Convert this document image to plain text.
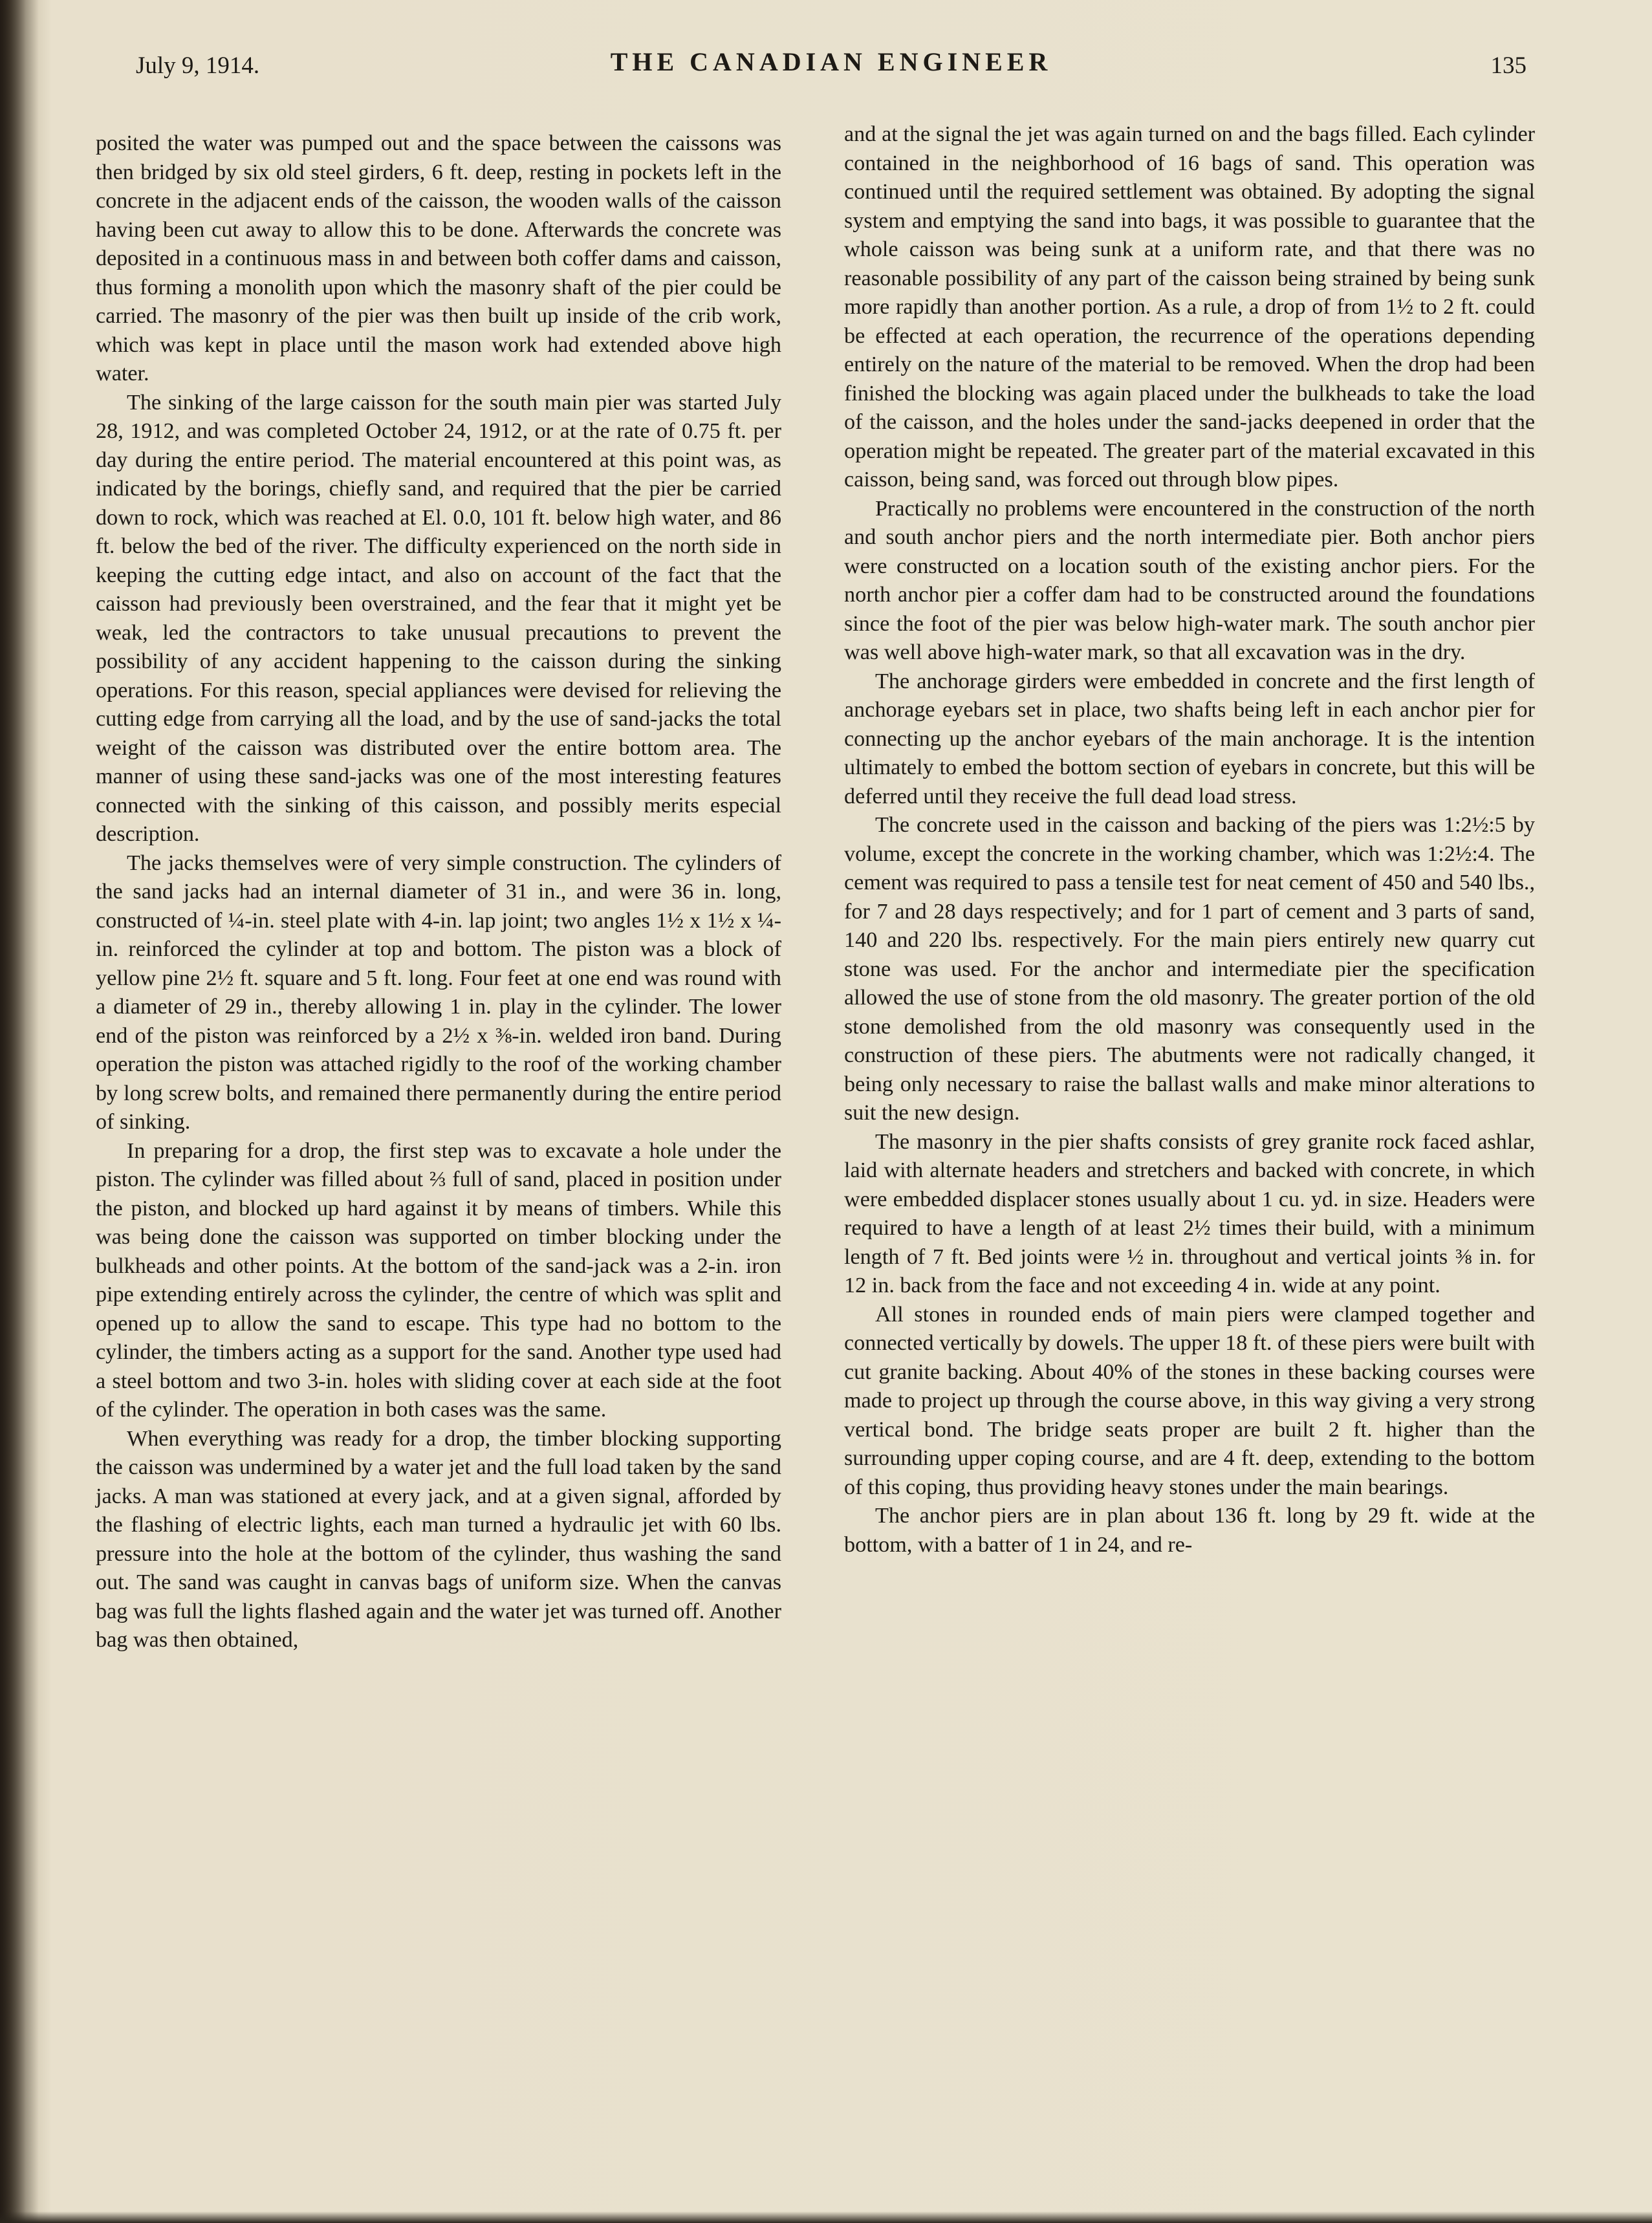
July 9, 1914.	THE CANADIAN ENGINEER	135

posited the water was pumped out and the space between the caissons was then bridged by six old steel girders, 6 ft. deep, resting in pockets left in the concrete in the adjacent ends of the caisson, the wooden walls of the caisson having been cut away to allow this to be done. Afterwards the concrete was deposited in a continuous mass in and between both coffer dams and caisson, thus forming a monolith upon which the masonry shaft of the pier could be carried. The masonry of the pier was then built up inside of the crib work, which was kept in place until the mason work had extended above high water.

The sinking of the large caisson for the south main pier was started July 28, 1912, and was completed October 24, 1912, or at the rate of 0.75 ft. per day during the entire period. The material encountered at this point was, as indicated by the borings, chiefly sand, and required that the pier be carried down to rock, which was reached at El. 0.0, 101 ft. below high water, and 86 ft. below the bed of the river. The difficulty experienced on the north side in keeping the cutting edge intact, and also on account of the fact that the caisson had previously been overstrained, and the fear that it might yet be weak, led the contractors to take unusual precautions to prevent the possibility of any accident happening to the caisson during the sinking operations. For this reason, special appliances were devised for relieving the cutting edge from carrying all the load, and by the use of sand-jacks the total weight of the caisson was distributed over the entire bottom area. The manner of using these sand-jacks was one of the most interesting features connected with the sinking of this caisson, and possibly merits especial description.

The jacks themselves were of very simple construction. The cylinders of the sand jacks had an internal diameter of 31 in., and were 36 in. long, constructed of ¼-in. steel plate with 4-in. lap joint; two angles 1½ x 1½ x ¼-in. reinforced the cylinder at top and bottom. The piston was a block of yellow pine 2½ ft. square and 5 ft. long. Four feet at one end was round with a diameter of 29 in., thereby allowing 1 in. play in the cylinder. The lower end of the piston was reinforced by a 2½ x ⅜-in. welded iron band. During operation the piston was attached rigidly to the roof of the working chamber by long screw bolts, and remained there permanently during the entire period of sinking.

In preparing for a drop, the first step was to excavate a hole under the piston. The cylinder was filled about ⅔ full of sand, placed in position under the piston, and blocked up hard against it by means of timbers. While this was being done the caisson was supported on timber blocking under the bulkheads and other points. At the bottom of the sand-jack was a 2-in. iron pipe extending entirely across the cylinder, the centre of which was split and opened up to allow the sand to escape. This type had no bottom to the cylinder, the timbers acting as a support for the sand. Another type used had a steel bottom and two 3-in. holes with sliding cover at each side at the foot of the cylinder. The operation in both cases was the same.

When everything was ready for a drop, the timber blocking supporting the caisson was undermined by a water jet and the full load taken by the sand jacks. A man was stationed at every jack, and at a given signal, afforded by the flashing of electric lights, each man turned a hydraulic jet with 60 lbs. pressure into the hole at the bottom of the cylinder, thus washing the sand out. The sand was caught in canvas bags of uniform size. When the canvas bag was full the lights flashed again and the water jet was turned off. Another bag was then obtained,

and at the signal the jet was again turned on and the bags filled. Each cylinder contained in the neighborhood of 16 bags of sand. This operation was continued until the required settlement was obtained. By adopting the signal system and emptying the sand into bags, it was possible to guarantee that the whole caisson was being sunk at a uniform rate, and that there was no reasonable possibility of any part of the caisson being strained by being sunk more rapidly than another portion. As a rule, a drop of from 1½ to 2 ft. could be effected at each operation, the recurrence of the operations depending entirely on the nature of the material to be removed. When the drop had been finished the blocking was again placed under the bulkheads to take the load of the caisson, and the holes under the sand-jacks deepened in order that the operation might be repeated. The greater part of the material excavated in this caisson, being sand, was forced out through blow pipes.

Practically no problems were encountered in the construction of the north and south anchor piers and the north intermediate pier. Both anchor piers were constructed on a location south of the existing anchor piers. For the north anchor pier a coffer dam had to be constructed around the foundations since the foot of the pier was below high-water mark. The south anchor pier was well above high-water mark, so that all excavation was in the dry.

The anchorage girders were embedded in concrete and the first length of anchorage eyebars set in place, two shafts being left in each anchor pier for connecting up the anchor eyebars of the main anchorage. It is the intention ultimately to embed the bottom section of eyebars in concrete, but this will be deferred until they receive the full dead load stress.

The concrete used in the caisson and backing of the piers was 1:2½:5 by volume, except the concrete in the working chamber, which was 1:2½:4. The cement was required to pass a tensile test for neat cement of 450 and 540 lbs., for 7 and 28 days respectively; and for 1 part of cement and 3 parts of sand, 140 and 220 lbs. respectively. For the main piers entirely new quarry cut stone was used. For the anchor and intermediate pier the specification allowed the use of stone from the old masonry. The greater portion of the old stone demolished from the old masonry was consequently used in the construction of these piers. The abutments were not radically changed, it being only necessary to raise the ballast walls and make minor alterations to suit the new design.

The masonry in the pier shafts consists of grey granite rock faced ashlar, laid with alternate headers and stretchers and backed with concrete, in which were embedded displacer stones usually about 1 cu. yd. in size. Headers were required to have a length of at least 2½ times their build, with a minimum length of 7 ft. Bed joints were ½ in. throughout and vertical joints ⅜ in. for 12 in. back from the face and not exceeding 4 in. wide at any point.

All stones in rounded ends of main piers were clamped together and connected vertically by dowels. The upper 18 ft. of these piers were built with cut granite backing. About 40% of the stones in these backing courses were made to project up through the course above, in this way giving a very strong vertical bond. The bridge seats proper are built 2 ft. higher than the surrounding upper coping course, and are 4 ft. deep, extending to the bottom of this coping, thus providing heavy stones under the main bearings.

The anchor piers are in plan about 136 ft. long by 29 ft. wide at the bottom, with a batter of 1 in 24, and re-
